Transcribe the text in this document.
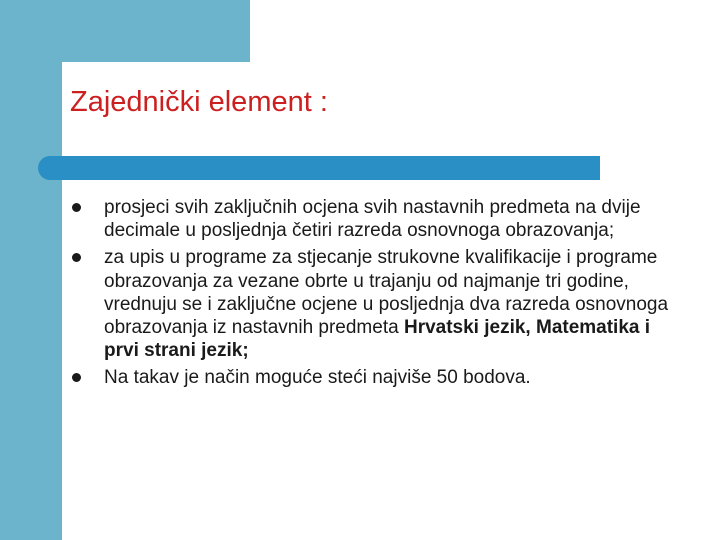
Zajednički element :
prosjeci svih zaključnih ocjena svih nastavnih predmeta na dvije decimale u posljednja četiri razreda osnovnoga obrazovanja;
za upis u programe za stjecanje strukovne kvalifikacije i programe obrazovanja za vezane obrte u trajanju od najmanje tri godine, vrednuju se i zaključne ocjene u posljednja dva razreda osnovnoga obrazovanja iz nastavnih predmeta Hrvatski jezik, Matematika i prvi strani jezik;
Na takav je način moguće steći najviše 50 bodova.
